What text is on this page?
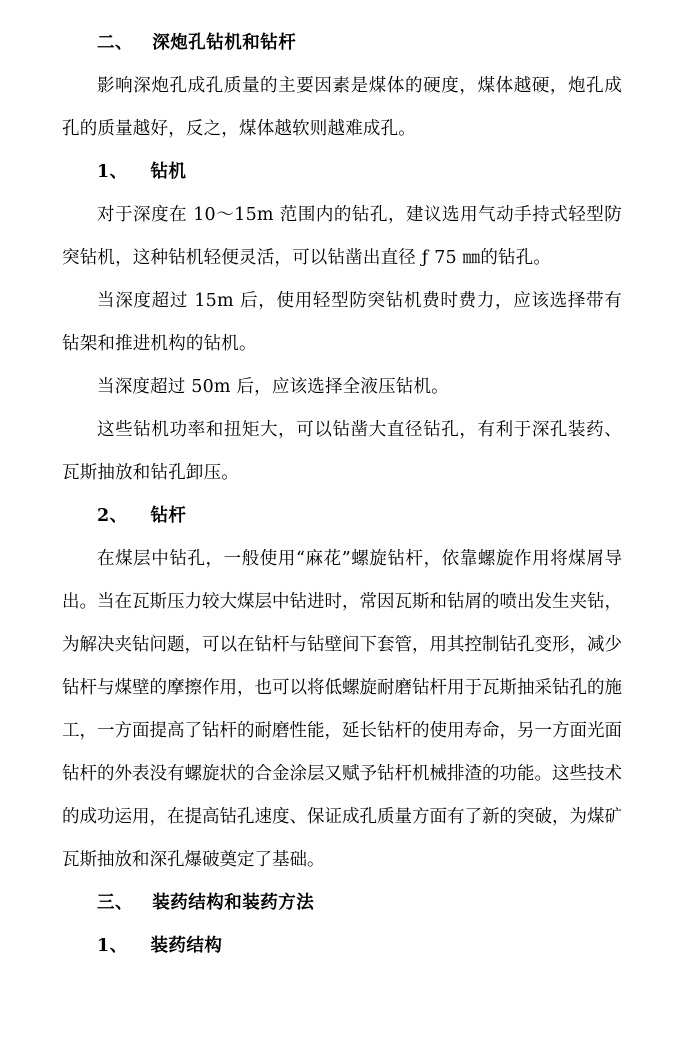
二、 深炮孔钻机和钻杆

影响深炮孔成孔质量的主要因素是煤体的硬度，煤体越硬，炮孔成孔的质量越好，反之，煤体越软则越难成孔。

1、 钻机

对于深度在 10～15m 范围内的钻孔，建议选用气动手持式轻型防突钻机，这种钻机轻便灵活，可以钻凿出直径 ƒ 75 ㎜的钻孔。

当深度超过 15m 后，使用轻型防突钻机费时费力，应该选择带有钻架和推进机构的钻机。

当深度超过 50m 后，应该选择全液压钻机。

这些钻机功率和扭矩大，可以钻凿大直径钻孔，有利于深孔装药、瓦斯抽放和钻孔卸压。

2、 钻杆

在煤层中钻孔，一般使用“麻花”螺旋钻杆，依靠螺旋作用将煤屑导出。当在瓦斯压力较大煤层中钻进时，常因瓦斯和钻屑的喷出发生夹钻，为解决夹钻问题，可以在钻杆与钻壁间下套管，用其控制钻孔变形，减少钻杆与煤壁的摩擦作用，也可以将低螺旋耐磨钻杆用于瓦斯抽采钻孔的施工，一方面提高了钻杆的耐磨性能，延长钻杆的使用寿命，另一方面光面钻杆的外表没有螺旋状的合金涂层又赋予钻杆机械排渣的功能。这些技术的成功运用，在提高钻孔速度、保证成孔质量方面有了新的突破，为煤矿瓦斯抽放和深孔爆破奠定了基础。

三、 装药结构和装药方法

1、 装药结构
